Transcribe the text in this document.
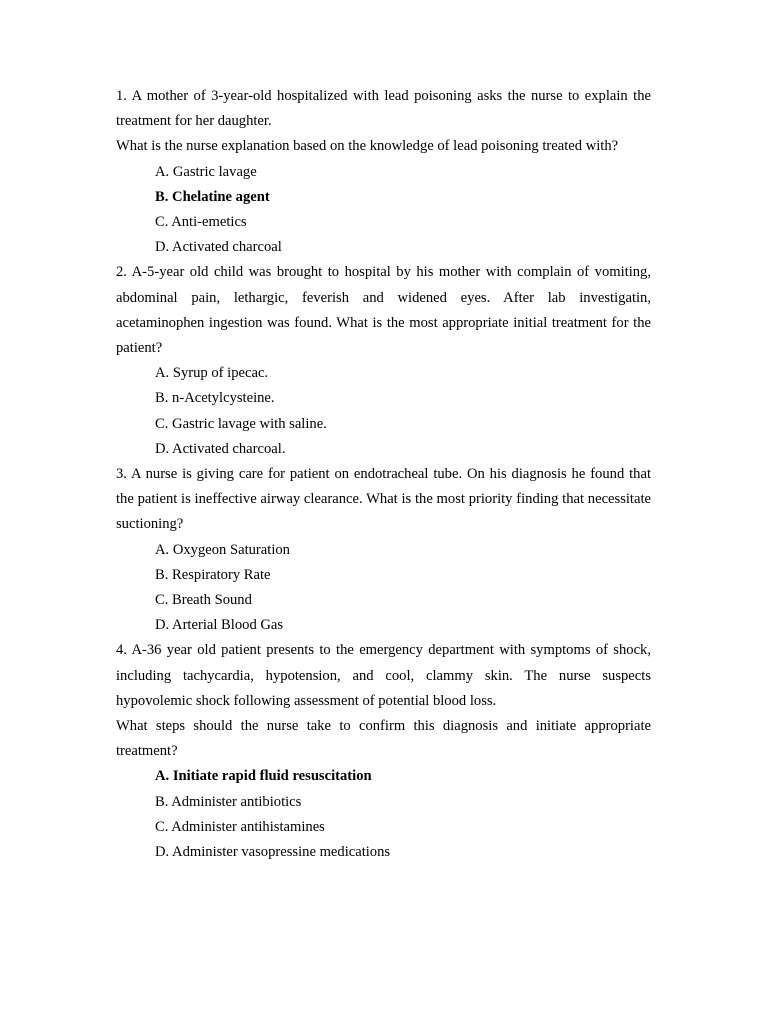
1. A mother of 3-year-old hospitalized with lead poisoning asks the nurse to explain the treatment for her daughter.

What is the nurse explanation based on the knowledge of lead poisoning treated with?

A. Gastric lavage

B. Chelatine agent

C. Anti-emetics

D. Activated charcoal

2. A-5-year old child was brought to hospital by his mother with complain of vomiting, abdominal pain, lethargic, feverish and widened eyes. After lab investigatin, acetaminophen ingestion was found. What is the most appropriate initial treatment for the patient?

A. Syrup of ipecac.

B. n-Acetylcysteine.

C. Gastric lavage with saline.

D. Activated charcoal.

3. A nurse is giving care for patient on endotracheal tube. On his diagnosis he found that the patient is ineffective airway clearance. What is the most priority finding that necessitate suctioning?

A. Oxygeon Saturation

B. Respiratory Rate

C. Breath Sound

D. Arterial Blood Gas

4. A-36 year old patient presents to the emergency department with symptoms of shock, including tachycardia, hypotension, and cool, clammy skin. The nurse suspects hypovolemic shock following assessment of potential blood loss.

What steps should the nurse take to confirm this diagnosis and initiate appropriate treatment?

A. Initiate rapid fluid resuscitation

B. Administer antibiotics

C. Administer antihistamines

D. Administer vasopressine medications
